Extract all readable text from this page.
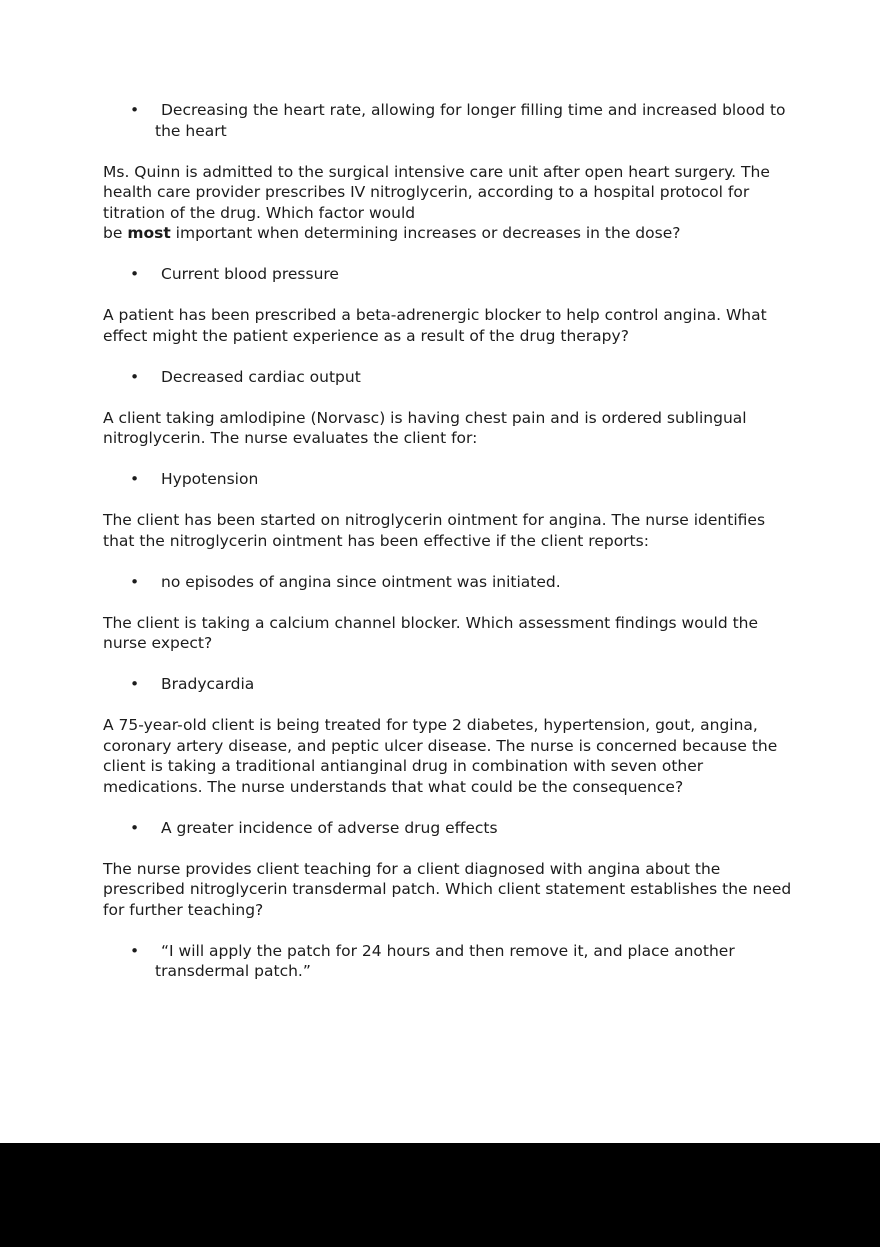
• Decreasing the heart rate, allowing for longer filling time and increased blood to the heart

Ms. Quinn is admitted to the surgical intensive care unit after open heart surgery. The health care provider prescribes IV nitroglycerin, according to a hospital protocol for titration of the drug. Which factor would
be most important when determining increases or decreases in the dose?

• Current blood pressure

A patient has been prescribed a beta-adrenergic blocker to help control angina. What effect might the patient experience as a result of the drug therapy?

• Decreased cardiac output

A client taking amlodipine (Norvasc) is having chest pain and is ordered sublingual nitroglycerin. The nurse evaluates the client for:

• Hypotension

The client has been started on nitroglycerin ointment for angina. The nurse identifies that the nitroglycerin ointment has been effective if the client reports:

• no episodes of angina since ointment was initiated.

The client is taking a calcium channel blocker. Which assessment findings would the nurse expect?

• Bradycardia

A 75-year-old client is being treated for type 2 diabetes, hypertension, gout, angina, coronary artery disease, and peptic ulcer disease. The nurse is concerned because the client is taking a traditional antianginal drug in combination with seven other medications. The nurse understands that what could be the consequence?

• A greater incidence of adverse drug effects

The nurse provides client teaching for a client diagnosed with angina about the prescribed nitroglycerin transdermal patch. Which client statement establishes the need for further teaching?

• “I will apply the patch for 24 hours and then remove it, and place another transdermal patch.”
